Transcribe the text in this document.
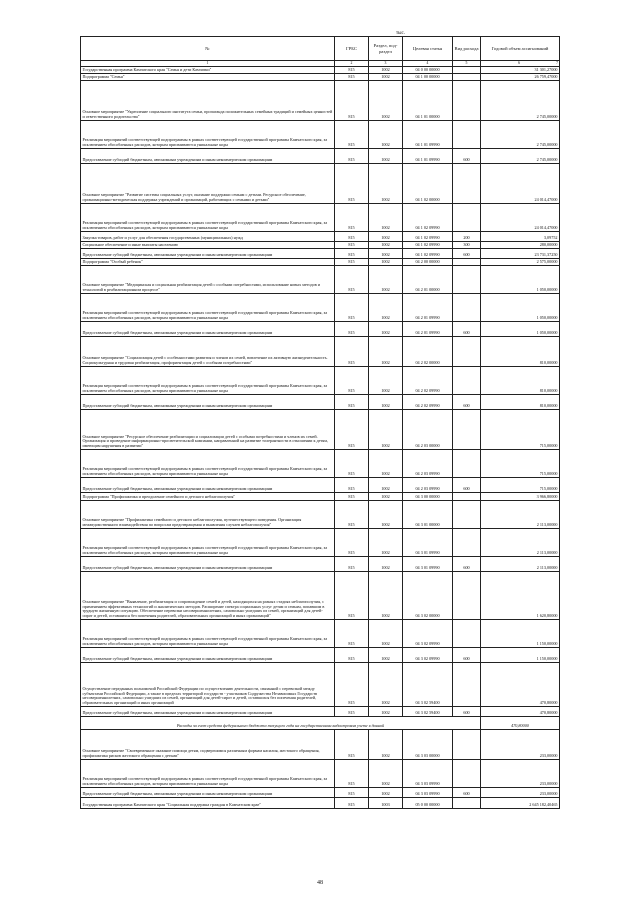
тыс.
№	ГРБС	Раздел, под-раздел	Целевая статья	Вид расхода	Годовой объем ассигнований
1	2	3	4	5	6 7

Государственная программа Камчатского края "Семья и дети Камчатки"	815	1002	04 0 00 00000		31 301,27000
Подпрограмма "Семья"	815	1002	04 1 00 00000		26 759,47000
Основное мероприятие "Укрепление социального института семьи, пропаганда положительных семейных традиций и семейных ценностей и ответственного родительства"	815	1002	04 1 01 00000		2 745,00000
Реализация мероприятий соответствующей подпрограммы в рамках соответствующей государственной программы Камчатского края, за исключением обособленных расходов, которым присваиваются уникальные коды	815	1002	04 1 01 09990		2 745,00000
Предоставление субсидий бюджетным, автономным учреждениям и иным некоммерческим организациям	815	1002	04 1 01 09990	600	2 745,00000
Основное мероприятие "Развитие системы социальных услуг, оказание поддержки семьям с детьми. Ресурсное обеспечение, организационно-методическая поддержка учреждений и организаций, работающих с семьями и детьми"	815	1002	04 1 02 00000		24 014,47000
Реализация мероприятий соответствующей подпрограммы в рамках соответствующей государственной программы Камчатского края, за исключением обособленных расходов, которым присваиваются уникальные коды	815	1002	04 1 02 09990		24 014,47000
Закупка товаров, работ и услуг для обеспечения государственных (муниципальных) нужд	815	1002	04 1 02 09990	200	3,09752
Социальное обеспечение и иные выплаты населению	815	1002	04 1 02 09990	300	280,00000
Предоставление субсидий бюджетным, автономным учреждениям и иным некоммерческим организациям	815	1002	04 1 02 09990	600	23 731,37250
Подпрограмма "Особый ребенок"	815	1002	04 2 00 00000		2 575,00000
Основное мероприятие "Медицинская и социальная реабилитация детей с особыми потребностями, использование новых методов и технологий в реабилитационном процессе"	815	1002	04 2 01 00000		1 050,00000
Реализация мероприятий соответствующей подпрограммы в рамках соответствующей государственной программы Камчатского края, за исключением обособленных расходов, которым присваиваются уникальные коды	815	1002	04 2 01 09990		1 050,00000
Предоставление субсидий бюджетным, автономным учреждениям и иным некоммерческим организациям	815	1002	04 2 01 09990	600	1 050,00000
Основное мероприятие "Социализация детей с особенностями развития и членов их семей, вовлечение их активную жизнедеятельность. Социокультурная и трудовая реабилитация, профориентация детей с особыми потребностями"	815	1002	04 2 02 00000		810,00000
Реализация мероприятий соответствующей подпрограммы в рамках соответствующей государственной программы Камчатского края, за исключением обособленных расходов, которым присваиваются уникальные коды	815	1002	04 2 02 09990		810,00000
Предоставление субсидий бюджетным, автономным учреждениям и иным некоммерческим организациям	815	1002	04 2 02 09990	600	810,00000
Основное мероприятие "Ресурсное обеспечение реабилитации и социализации детей с особыми потребностями и членов их семей. Организация и проведение информационно-просветительской кампании, направленной на развитие толерантности в отношении к детям, имеющим нарушения в развитии"	815	1002	04 2 03 00000		715,00000
Реализация мероприятий соответствующей подпрограммы в рамках соответствующей государственной программы Камчатского края, за исключением обособленных расходов, которым присваиваются уникальные коды	815	1002	04 2 03 09990		715,00000
Предоставление субсидий бюджетным, автономным учреждениям и иным некоммерческим организациям	815	1002	04 2 03 09990	600	715,00000
Подпрограмма "Профилактика и преодоление семейного и детского неблагополучия"	815	1002	04 3 00 00000		3 966,80000
Основное мероприятие "Профилактика семейного и детского неблагополучия, путешествующего поведения. Организация межведомственного взаимодействия по вопросам предотвращения и выявления случаев неблагополучия"	815	1002	04 3 01 00000		2 113,00000
Реализация мероприятий соответствующей подпрограммы в рамках соответствующей государственной программы Камчатского края, за исключением обособленных расходов, которым присваиваются уникальные коды	815	1002	04 3 01 09990		2 113,00000
Предоставление субсидий бюджетным, автономным учреждениям и иным некоммерческим организациям	815	1002	04 3 01 09990	600	2 113,00000
Основное мероприятие "Выявление, реабилитация и сопровождение семей и детей, находящихся на разных стадиях неблагополучия, с применением эффективных технологий и аналитических методов. Расширение спектра социальных услуг детям и семьям, попавшим в трудную жизненную ситуацию. Обеспечение перевозки несовершеннолетних, самовольно ушедших из семей, организаций для детей-сирот и детей, оставшихся без попечения родителей, образовательных организаций и иных организаций"	815	1002	04 3 02 00000		1 620,80000
Реализация мероприятий соответствующей подпрограммы в рамках соответствующей государственной программы Камчатского края, за исключением обособленных расходов, которым присваиваются уникальные коды	815	1002	04 3 02 09990		1 150,00000
Предоставление субсидий бюджетным, автономным учреждениям и иным некоммерческим организациям	815	1002	04 3 02 09990	600	1 150,00000
Осуществление переданных полномочий Российской Федерации по осуществлению деятельности, связанной с перевозкой между субъектами Российской Федерации, а также в пределах территорий государств - участников Содружества Независимых Государств несовершеннолетних, самовольно ушедших из семей, организаций для детей-сирот и детей, оставшихся без попечения родителей, образовательных организаций и иных организаций	815	1002	04 3 02 59400		470,80000
Предоставление субсидий бюджетным, автономным учреждениям и иным некоммерческим организациям	815	1002	04 3 02 59400	600	470,80000
Расходы за счет средств федерального бюджета текущего года на государственном кадастровом учете в данной					470,80000
Основное мероприятие "Своевременное оказание помощи детям, подвергшимся различным формам насилия, жестокого обращения, профилактика рисков жестокого обращения с детьми"	815	1002	04 3 03 00000		233,00000
Реализация мероприятий соответствующей подпрограммы в рамках соответствующей государственной программы Камчатского края, за исключением обособленных расходов, которым присваиваются уникальные коды	815	1002	04 3 03 09990		233,00000
Предоставление субсидий бюджетным, автономным учреждениям и иным некоммерческим организациям	815	1002	04 3 03 09990	600	233,00000
Государственная программа Камчатского края "Социальная поддержка граждан в Камчатском крае"	815	1003	05 0 00 00000		2 645 182,40465
48
